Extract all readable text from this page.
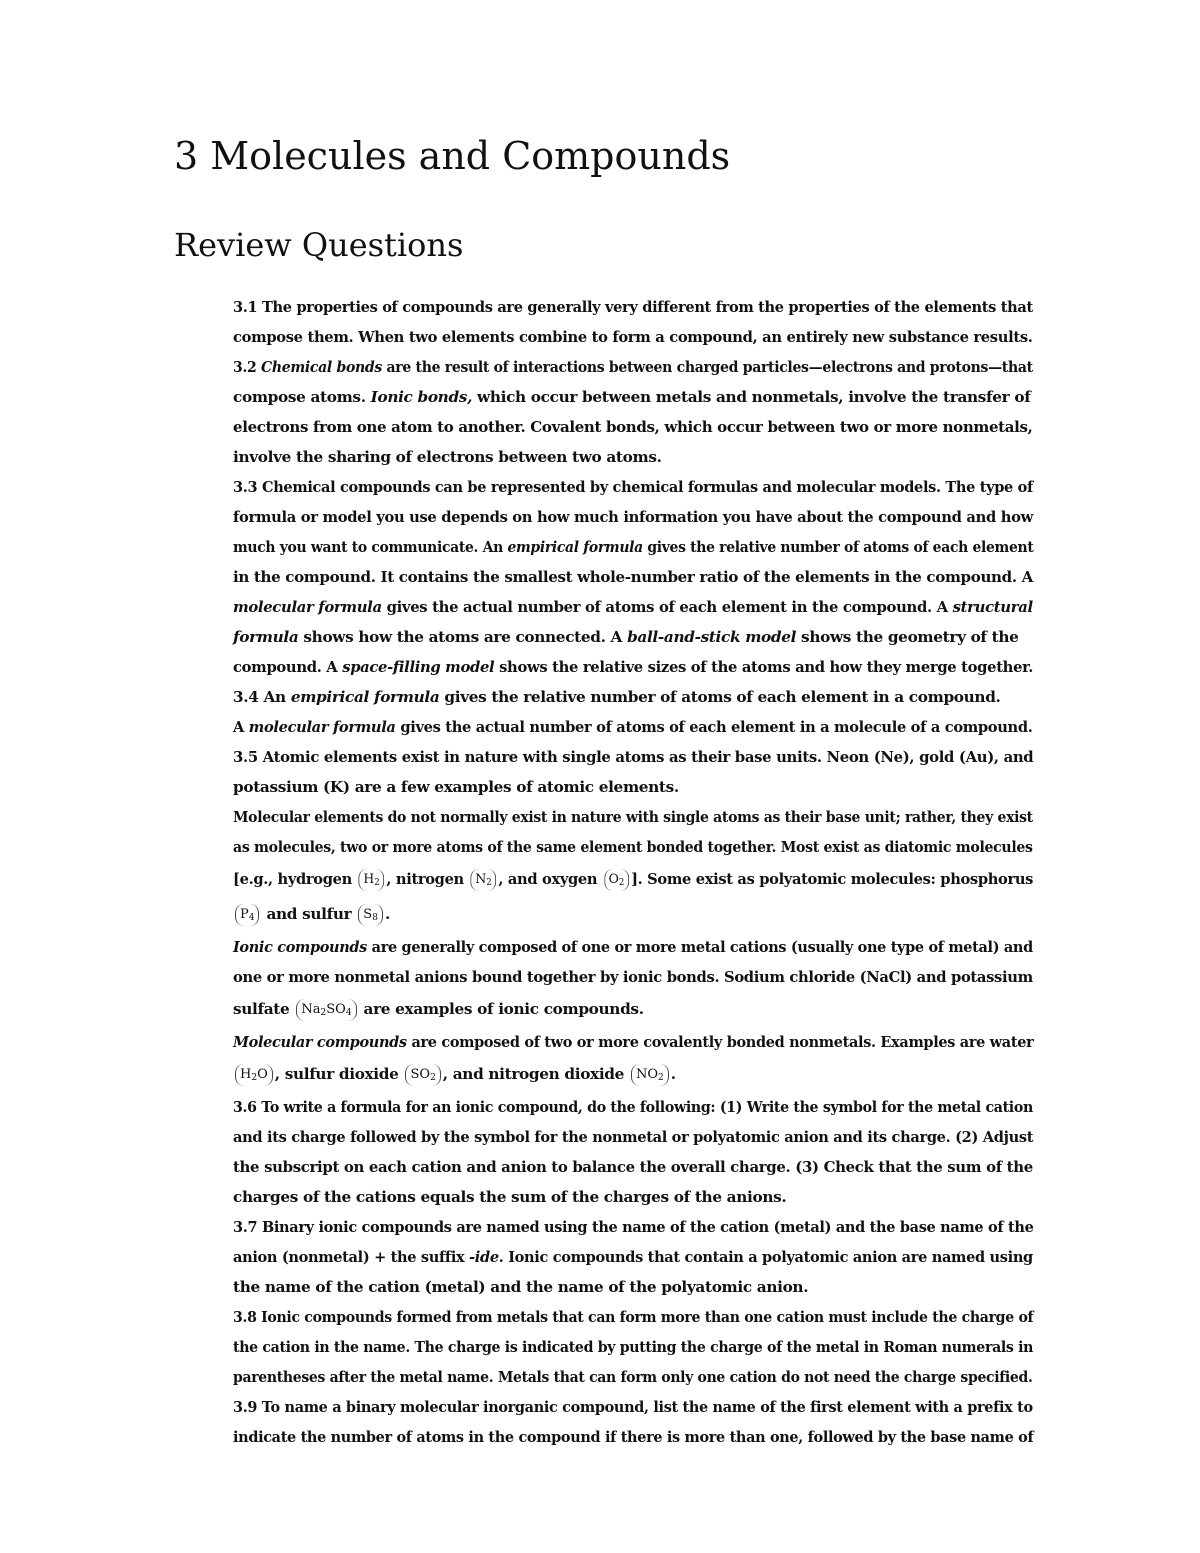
3 Molecules and Compounds
Review Questions

3.1 The properties of compounds are generally very different from the properties of the elements that
compose them. When two elements combine to form a compound, an entirely new substance results.

3.2 Chemical bonds are the result of interactions between charged particles—electrons and protons—that
compose atoms. Ionic bonds, which occur between metals and nonmetals, involve the transfer of
electrons from one atom to another. Covalent bonds, which occur between two or more nonmetals,
involve the sharing of electrons between two atoms.

3.3 Chemical compounds can be represented by chemical formulas and molecular models. The type of
formula or model you use depends on how much information you have about the compound and how
much you want to communicate. An empirical formula gives the relative number of atoms of each element
in the compound. It contains the smallest whole-number ratio of the elements in the compound. A
molecular formula gives the actual number of atoms of each element in the compound. A structural
formula shows how the atoms are connected. A ball-and-stick model shows the geometry of the
compound. A space-filling model shows the relative sizes of the atoms and how they merge together.

3.4 An empirical formula gives the relative number of atoms of each element in a compound.
A molecular formula gives the actual number of atoms of each element in a molecule of a compound.

3.5 Atomic elements exist in nature with single atoms as their base units. Neon (Ne), gold (Au), and
potassium (K) are a few examples of atomic elements.
Molecular elements do not normally exist in nature with single atoms as their base unit; rather, they exist
as molecules, two or more atoms of the same element bonded together. Most exist as diatomic molecules
[e.g., hydrogen $H_2$ , nitrogen $N_2$ , and oxygen $O_2$ ]. Some exist as polyatomic molecules: phosphorus
$P_4$ and sulfur $S_8$ .
Ionic compounds are generally composed of one or more metal cations (usually one type of metal) and
one or more nonmetal anions bound together by ionic bonds. Sodium chloride (NaCl) and potassium
sulfate $Na_2SO_4$ are examples of ionic compounds.
Molecular compounds are composed of two or more covalently bonded nonmetals. Examples are water
$H_2O$ , sulfur dioxide $SO_2$ , and nitrogen dioxide $NO_2$ .

3.6 To write a formula for an ionic compound, do the following: (1) Write the symbol for the metal cation
and its charge followed by the symbol for the nonmetal or polyatomic anion and its charge. (2) Adjust
the subscript on each cation and anion to balance the overall charge. (3) Check that the sum of the
charges of the cations equals the sum of the charges of the anions.

3.7 Binary ionic compounds are named using the name of the cation (metal) and the base name of the
anion (nonmetal) + the suffix -ide. Ionic compounds that contain a polyatomic anion are named using
the name of the cation (metal) and the name of the polyatomic anion.

3.8 Ionic compounds formed from metals that can form more than one cation must include the charge of
the cation in the name. The charge is indicated by putting the charge of the metal in Roman numerals in
parentheses after the metal name. Metals that can form only one cation do not need the charge specified.

3.9 To name a binary molecular inorganic compound, list the name of the first element with a prefix to
indicate the number of atoms in the compound if there is more than one, followed by the base name of
